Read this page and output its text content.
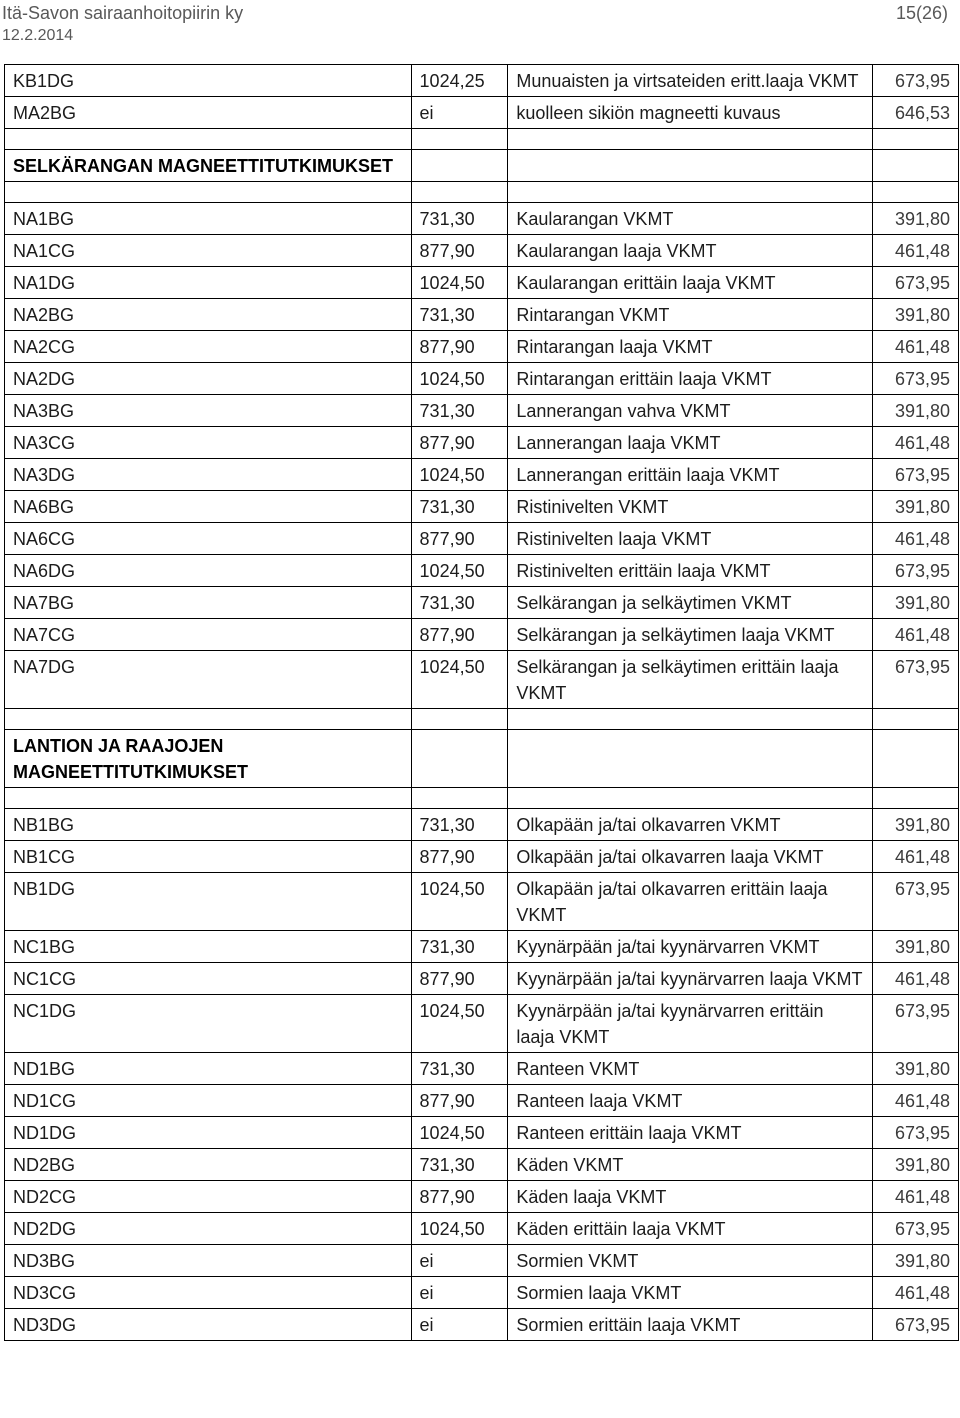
Itä-Savon sairaanhoitopiirin ky
12.2.2014
15(26)
KB1DG	1024,25	Munuaisten ja virtsateiden eritt.laaja VKMT	673,95
MA2BG	ei	kuolleen sikiön magneetti kuvaus	646,53

SELKÄRANGAN MAGNEETTITUTKIMUKSET			

NA1BG	731,30	Kaularangan VKMT	391,80
NA1CG	877,90	Kaularangan laaja VKMT	461,48
NA1DG	1024,50	Kaularangan erittäin laaja VKMT	673,95
NA2BG	731,30	Rintarangan VKMT	391,80
NA2CG	877,90	Rintarangan laaja VKMT	461,48
NA2DG	1024,50	Rintarangan erittäin laaja VKMT	673,95
NA3BG	731,30	Lannerangan vahva VKMT	391,80
NA3CG	877,90	Lannerangan laaja VKMT	461,48
NA3DG	1024,50	Lannerangan erittäin laaja VKMT	673,95
NA6BG	731,30	Ristinivelten VKMT	391,80
NA6CG	877,90	Ristinivelten laaja VKMT	461,48
NA6DG	1024,50	Ristinivelten erittäin laaja VKMT	673,95
NA7BG	731,30	Selkärangan ja selkäytimen VKMT	391,80
NA7CG	877,90	Selkärangan ja selkäytimen laaja VKMT	461,48
NA7DG	1024,50	Selkärangan ja selkäytimen erittäin laaja VKMT	673,95

LANTION JA RAAJOJEN MAGNEETTITUTKIMUKSET			

NB1BG	731,30	Olkapään ja/tai olkavarren VKMT	391,80
NB1CG	877,90	Olkapään ja/tai olkavarren laaja VKMT	461,48
NB1DG	1024,50	Olkapään ja/tai olkavarren erittäin laaja VKMT	673,95
NC1BG	731,30	Kyynärpään ja/tai kyynärvarren VKMT	391,80
NC1CG	877,90	Kyynärpään ja/tai kyynärvarren laaja VKMT	461,48
NC1DG	1024,50	Kyynärpään ja/tai kyynärvarren erittäin laaja VKMT	673,95
ND1BG	731,30	Ranteen VKMT	391,80
ND1CG	877,90	Ranteen laaja VKMT	461,48
ND1DG	1024,50	Ranteen erittäin laaja VKMT	673,95
ND2BG	731,30	Käden VKMT	391,80
ND2CG	877,90	Käden laaja VKMT	461,48
ND2DG	1024,50	Käden erittäin laaja VKMT	673,95
ND3BG	ei	Sormien VKMT	391,80
ND3CG	ei	Sormien laaja VKMT	461,48
ND3DG	ei	Sormien erittäin laaja VKMT	673,95
